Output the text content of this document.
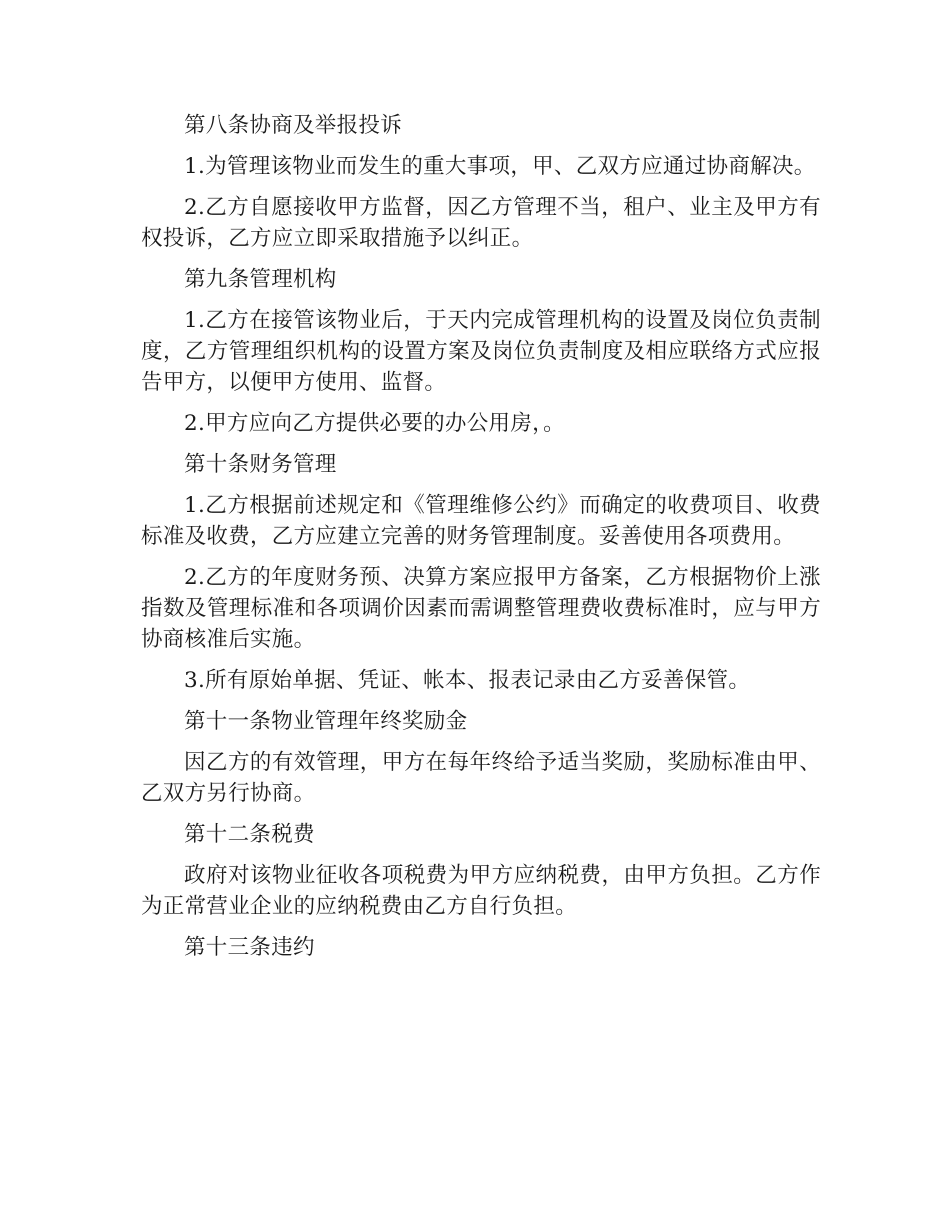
第八条协商及举报投诉

1.为管理该物业而发生的重大事项，甲、乙双方应通过协商解决。

2.乙方自愿接收甲方监督，因乙方管理不当，租户、业主及甲方有权投诉，乙方应立即采取措施予以纠正。

第九条管理机构

1.乙方在接管该物业后，于天内完成管理机构的设置及岗位负责制度，乙方管理组织机构的设置方案及岗位负责制度及相应联络方式应报告甲方，以便甲方使用、监督。

2.甲方应向乙方提供必要的办公用房，。

第十条财务管理

1.乙方根据前述规定和《管理维修公约》而确定的收费项目、收费标准及收费，乙方应建立完善的财务管理制度。妥善使用各项费用。

2.乙方的年度财务预、决算方案应报甲方备案，乙方根据物价上涨指数及管理标准和各项调价因素而需调整管理费收费标准时，应与甲方协商核准后实施。

3.所有原始单据、凭证、帐本、报表记录由乙方妥善保管。

第十一条物业管理年终奖励金

因乙方的有效管理，甲方在每年终给予适当奖励，奖励标准由甲、乙双方另行协商。

第十二条税费

政府对该物业征收各项税费为甲方应纳税费，由甲方负担。乙方作为正常营业企业的应纳税费由乙方自行负担。

第十三条违约
